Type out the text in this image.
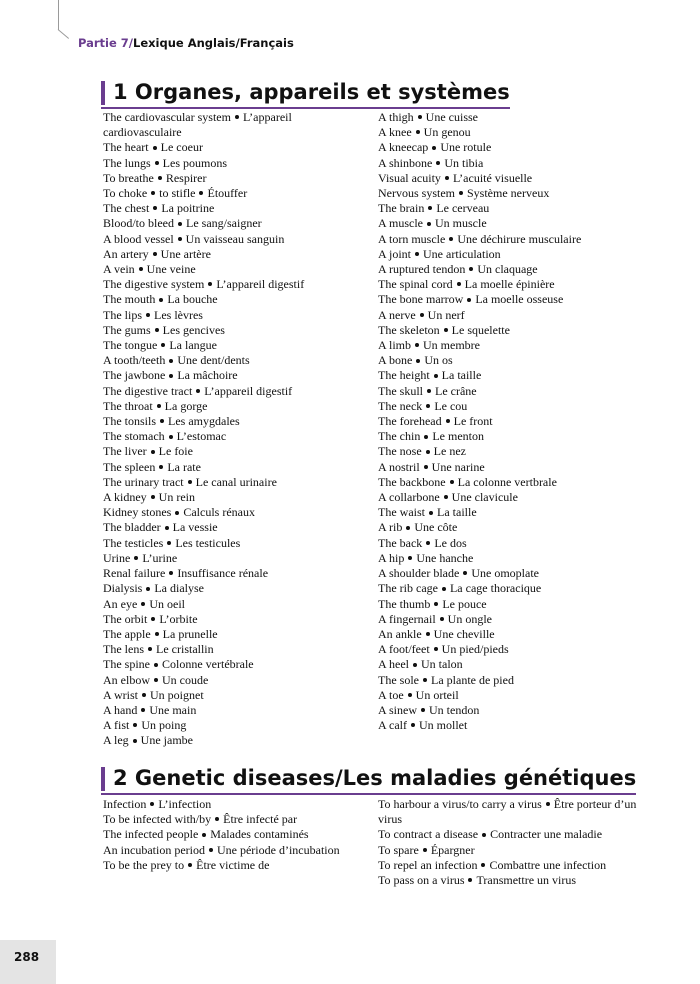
Partie 7/Lexique Anglais/Français
1 Organes, appareils et systèmes
The cardiovascular system L’appareil cardiovasculaire
The heart Le coeur
The lungs Les poumons
To breathe Respirer
To choke to stifle Étouffer
The chest La poitrine
Blood/to bleed Le sang/saigner
A blood vessel Un vaisseau sanguin
An artery Une artère
A vein Une veine
The digestive system L’appareil digestif
The mouth La bouche
The lips Les lèvres
The gums Les gencives
The tongue La langue
A tooth/teeth Une dent/dents
The jawbone La mâchoire
The digestive tract L’appareil digestif
The throat La gorge
The tonsils Les amygdales
The stomach L’estomac
The liver Le foie
The spleen La rate
The urinary tract Le canal urinaire
A kidney Un rein
Kidney stones Calculs rénaux
The bladder La vessie
The testicles Les testicules
Urine L’urine
Renal failure Insuffisance rénale
Dialysis La dialyse
An eye Un oeil
The orbit L’orbite
The apple La prunelle
The lens Le cristallin
The spine Colonne vertébrale
An elbow Un coude
A wrist Un poignet
A hand Une main
A fist Un poing
A leg Une jambe
A thigh Une cuisse
A knee Un genou
A kneecap Une rotule
A shinbone Un tibia
Visual acuity L’acuité visuelle
Nervous system Système nerveux
The brain Le cerveau
A muscle Un muscle
A torn muscle Une déchirure musculaire
A joint Une articulation
A ruptured tendon Un claquage
The spinal cord La moelle épinière
The bone marrow La moelle osseuse
A nerve Un nerf
The skeleton Le squelette
A limb Un membre
A bone Un os
The height La taille
The skull Le crâne
The neck Le cou
The forehead Le front
The chin Le menton
The nose Le nez
A nostril Une narine
The backbone La colonne vertbrale
A collarbone Une clavicule
The waist La taille
A rib Une côte
The back Le dos
A hip Une hanche
A shoulder blade Une omoplate
The rib cage La cage thoracique
The thumb Le pouce
A fingernail Un ongle
An ankle Une cheville
A foot/feet Un pied/pieds
A heel Un talon
The sole La plante de pied
A toe Un orteil
A sinew Un tendon
A calf Un mollet
2 Genetic diseases/Les maladies génétiques
Infection L’infection
To be infected with/by Être infecté par
The infected people Malades contaminés
An incubation period Une période d’incubation
To be the prey to Être victime de
To harbour a virus/to carry a virus Être porteur d’un virus
To contract a disease Contracter une maladie
To spare Épargner
To repel an infection Combattre une infection
To pass on a virus Transmettre un virus
288
